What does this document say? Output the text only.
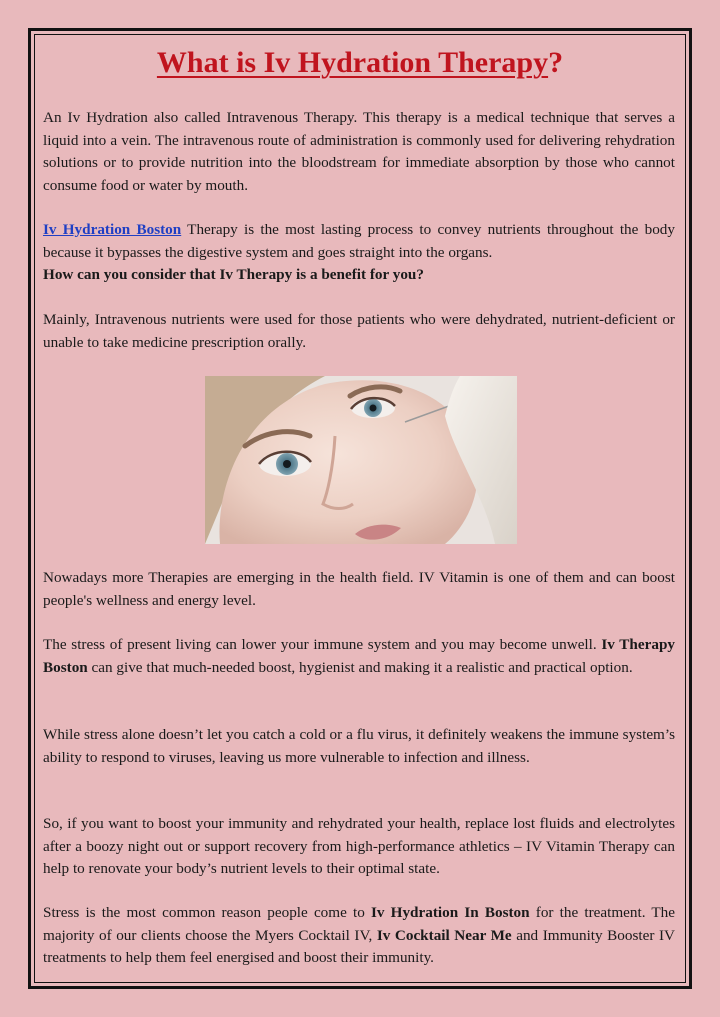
What is Iv Hydration Therapy?

An Iv Hydration also called Intravenous Therapy. This therapy is a medical technique that serves a liquid into a vein. The intravenous route of administration is commonly used for delivering rehydration solutions or to provide nutrition into the bloodstream for immediate absorption by those who cannot consume food or water by mouth.

Iv Hydration Boston Therapy is the most lasting process to convey nutrients throughout the body because it bypasses the digestive system and goes straight into the organs.
How can you consider that Iv Therapy is a benefit for you?

Mainly, Intravenous nutrients were used for those patients who were dehydrated, nutrient-deficient or unable to take medicine prescription orally.

Nowadays more Therapies are emerging in the health field. IV Vitamin is one of them and can boost people's wellness and energy level.

The stress of present living can lower your immune system and you may become unwell. Iv Therapy Boston can give that much-needed boost, hygienist and making it a realistic and practical option.

While stress alone doesn’t let you catch a cold or a flu virus, it definitely weakens the immune system’s ability to respond to viruses, leaving us more vulnerable to infection and illness.

So, if you want to boost your immunity and rehydrated your health, replace lost fluids and electrolytes after a boozy night out or support recovery from high-performance athletics – IV Vitamin Therapy can help to renovate your body’s nutrient levels to their optimal state.

Stress is the most common reason people come to Iv Hydration In Boston for the treatment. The majority of our clients choose the Myers Cocktail IV, Iv Cocktail Near Me and Immunity Booster IV treatments to help them feel energised and boost their immunity.
